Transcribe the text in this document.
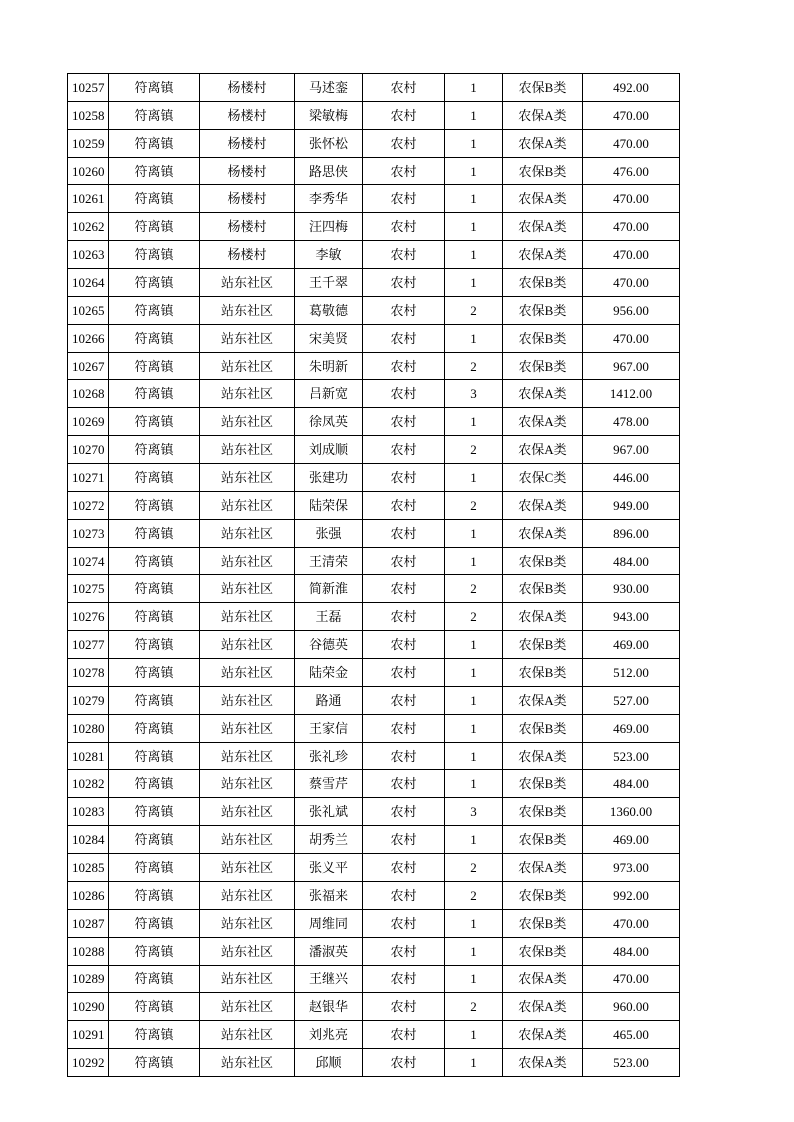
10257	符离镇	杨楼村	马述銮	农村	1	农保B类	492.00
10258	符离镇	杨楼村	梁敏梅	农村	1	农保A类	470.00
10259	符离镇	杨楼村	张怀松	农村	1	农保A类	470.00
10260	符离镇	杨楼村	路思侠	农村	1	农保B类	476.00
10261	符离镇	杨楼村	李秀华	农村	1	农保A类	470.00
10262	符离镇	杨楼村	汪四梅	农村	1	农保A类	470.00
10263	符离镇	杨楼村	李敏	农村	1	农保A类	470.00
10264	符离镇	站东社区	王千翠	农村	1	农保B类	470.00
10265	符离镇	站东社区	葛敬德	农村	2	农保B类	956.00
10266	符离镇	站东社区	宋美贤	农村	1	农保B类	470.00
10267	符离镇	站东社区	朱明新	农村	2	农保B类	967.00
10268	符离镇	站东社区	吕新宽	农村	3	农保A类	1412.00
10269	符离镇	站东社区	徐凤英	农村	1	农保A类	478.00
10270	符离镇	站东社区	刘成顺	农村	2	农保A类	967.00
10271	符离镇	站东社区	张建功	农村	1	农保C类	446.00
10272	符离镇	站东社区	陆荣保	农村	2	农保A类	949.00
10273	符离镇	站东社区	张强	农村	1	农保A类	896.00
10274	符离镇	站东社区	王清荣	农村	1	农保B类	484.00
10275	符离镇	站东社区	简新淮	农村	2	农保B类	930.00
10276	符离镇	站东社区	王磊	农村	2	农保A类	943.00
10277	符离镇	站东社区	谷德英	农村	1	农保B类	469.00
10278	符离镇	站东社区	陆荣金	农村	1	农保B类	512.00
10279	符离镇	站东社区	路通	农村	1	农保A类	527.00
10280	符离镇	站东社区	王家信	农村	1	农保B类	469.00
10281	符离镇	站东社区	张礼珍	农村	1	农保A类	523.00
10282	符离镇	站东社区	蔡雪芹	农村	1	农保B类	484.00
10283	符离镇	站东社区	张礼斌	农村	3	农保B类	1360.00
10284	符离镇	站东社区	胡秀兰	农村	1	农保B类	469.00
10285	符离镇	站东社区	张义平	农村	2	农保A类	973.00
10286	符离镇	站东社区	张福来	农村	2	农保B类	992.00
10287	符离镇	站东社区	周维同	农村	1	农保B类	470.00
10288	符离镇	站东社区	潘淑英	农村	1	农保B类	484.00
10289	符离镇	站东社区	王继兴	农村	1	农保A类	470.00
10290	符离镇	站东社区	赵银华	农村	2	农保A类	960.00
10291	符离镇	站东社区	刘兆亮	农村	1	农保A类	465.00
10292	符离镇	站东社区	邱顺	农村	1	农保A类	523.00
